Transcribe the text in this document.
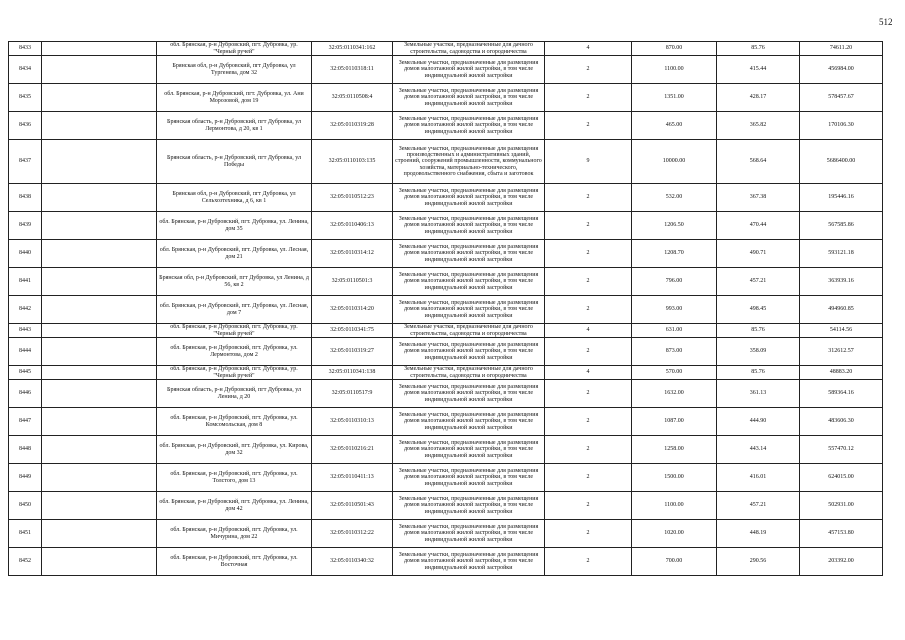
512
8433		обл. Брянская, р-н Дубровский, пгт. Дубровка, ур. "Черный ручей"	32:05:0110341:162	Земельные участки, предназначенные для дачного строительства, садоводства и огородничества	4	870.00	85.76	74611.20
8434		Брянская обл, р-н Дубровский, пгт Дубровка, ул Тургенева, дом 32	32:05:0110318:11	Земельные участки, предназначенные для размещения домов малоэтажной жилой застройки, в том числе индивидуальной жилой застройки	2	1100.00	415.44	456984.00
8435		обл. Брянская, р-н Дубровский, пгт. Дубровка, ул. Ани Морозовой, дом 19	32:05:0110508:4	Земельные участки, предназначенные для размещения домов малоэтажной жилой застройки, в том числе индивидуальной жилой застройки	2	1351.00	428.17	578457.67
8436		Брянская область, р-н Дубровский, пгт Дубровка, ул Лермонтова, д 20, кв 1	32:05:0110319:28	Земельные участки, предназначенные для размещения домов малоэтажной жилой застройки, в том числе индивидуальной жилой застройки	2	465.00	365.82	170106.30
8437		Брянская область, р-н Дубровский, пгт Дубровка, ул Победы	32:05:0110103:135	Земельные участки, предназначенные для размещения производственных и административных зданий, строений, сооружений промышленности, коммунального хозяйства, материально-технического, продовольственного снабжения, сбыта и заготовок	9	10000.00	568.64	5686400.00
8438		Брянская обл, р-н Дубровский, пгт Дубровка, ул Сельхозтехника, д 6, кв 1	32:05:0110512:23	Земельные участки, предназначенные для размещения домов малоэтажной жилой застройки, в том числе индивидуальной жилой застройки	2	532.00	367.38	195446.16
8439		обл. Брянская, р-н Дубровский, пгт. Дубровка, ул. Ленина, дом 35	32:05:0110406:13	Земельные участки, предназначенные для размещения домов малоэтажной жилой застройки, в том числе индивидуальной жилой застройки	2	1206.50	470.44	567585.86
8440		обл. Брянская, р-н Дубровский, пгт. Дубровка, ул. Лесная, дом 21	32:05:0110314:12	Земельные участки, предназначенные для размещения домов малоэтажной жилой застройки, в том числе индивидуальной жилой застройки	2	1208.70	490.71	593121.18
8441		Брянская обл, р-н Дубровский, пгт Дубровка, ул Ленина, д 56, кв 2	32:05:0110501:3	Земельные участки, предназначенные для размещения домов малоэтажной жилой застройки, в том числе индивидуальной жилой застройки	2	796.00	457.21	363939.16
8442		обл. Брянская, р-н Дубровский, пгт. Дубровка, ул. Лесная, дом 7	32:05:0110314:20	Земельные участки, предназначенные для размещения домов малоэтажной жилой застройки, в том числе индивидуальной жилой застройки	2	993.00	498.45	494960.85
8443		обл. Брянская, р-н Дубровский, пгт. Дубровка, ур. "Черный ручей"	32:05:0110341:75	Земельные участки, предназначенные для дачного строительства, садоводства и огородничества	4	631.00	85.76	54114.56
8444		обл. Брянская, р-н Дубровский, пгт. Дубровка, ул. Лермонтова, дом 2	32:05:0110319:27	Земельные участки, предназначенные для размещения домов малоэтажной жилой застройки, в том числе индивидуальной жилой застройки	2	873.00	358.09	312612.57
8445		обл. Брянская, р-н Дубровский, пгт. Дубровка, ур. "Черный ручей"	32:05:0110341:138	Земельные участки, предназначенные для дачного строительства, садоводства и огородничества	4	570.00	85.76	48883.20
8446		Брянская область, р-н Дубровский, пгт Дубровка, ул Ленина, д 20	32:05:0110517:9	Земельные участки, предназначенные для размещения домов малоэтажной жилой застройки, в том числе индивидуальной жилой застройки	2	1632.00	361.13	589364.16
8447		обл. Брянская, р-н Дубровский, пгт. Дубровка, ул. Комсомольская, дом 8	32:05:0110310:13	Земельные участки, предназначенные для размещения домов малоэтажной жилой застройки, в том числе индивидуальной жилой застройки	2	1087.00	444.90	483606.30
8448		обл. Брянская, р-н Дубровский, пгт. Дубровка, ул. Кирова, дом 32	32:05:0110216:21	Земельные участки, предназначенные для размещения домов малоэтажной жилой застройки, в том числе индивидуальной жилой застройки	2	1258.00	443.14	557470.12
8449		обл. Брянская, р-н Дубровский, пгт. Дубровка, ул. Толстого, дом 13	32:05:0110411:13	Земельные участки, предназначенные для размещения домов малоэтажной жилой застройки, в том числе индивидуальной жилой застройки	2	1500.00	416.01	624015.00
8450		обл. Брянская, р-н Дубровский, пгт. Дубровка, ул. Ленина, дом 42	32:05:0110501:43	Земельные участки, предназначенные для размещения домов малоэтажной жилой застройки, в том числе индивидуальной жилой застройки	2	1100.00	457.21	502931.00
8451		обл. Брянская, р-н Дубровский, пгт. Дубровка, ул. Мичурина, дом 22	32:05:0110312:22	Земельные участки, предназначенные для размещения домов малоэтажной жилой застройки, в том числе индивидуальной жилой застройки	2	1020.00	448.19	457153.80
8452		обл. Брянская, р-н Дубровский, пгт. Дубровка, ул. Восточная	32:05:0110340:32	Земельные участки, предназначенные для размещения домов малоэтажной жилой застройки, в том числе индивидуальной жилой застройки	2	700.00	290.56	203392.00
